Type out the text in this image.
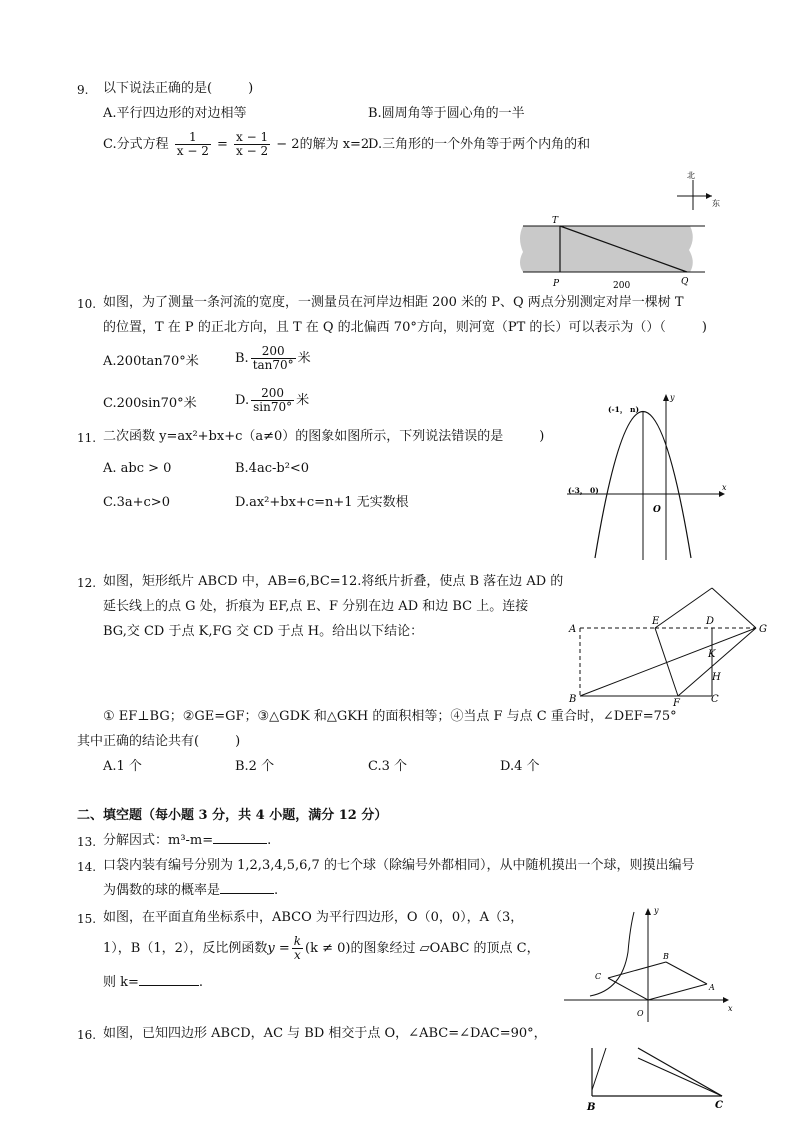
9. 以下说法正确的是(	)
A.平行四边形的对边相等	B.圆周角等于圆心角的一半
C.分式方程 $\frac{1}{x - 2} = \frac{x - 1}{x - 2} - 2$的解为 x=2
D.三角形的一个外角等于两个内角的和
北
东
T
P	Q
200
10. 如图，为了测量一条河流的宽度，一测量员在河岸边相距 200 米的 P、Q 两点分别测定对岸一棵树 T
的位置，T 在 P 的正北方向，且 T 在 Q 的北偏西 70°方向，则河宽（PT 的长）可以表示为（）（	)
A.200tan70°米	B. $\frac{200}{\tan 70^\circ}$ 米
C.200sin70°米	D. $\frac{200}{\sin 70^\circ}$ 米	y
x
O
(-1， n)
(-3， 0)
11. 二次函数 y=ax²+bx+c（a≠0）的图象如图所示，下列说法错误的是	)
A. abc > 0	B.4ac-b²<0
C.3a+c>0	D.ax²+bx+c=n+1 无实数根
A
B	C
D
E
F
G
K
H
12. 如图，矩形纸片 ABCD 中，AB=6,BC=12.将纸片折叠，使点 B 落在边 AD 的
延长线上的点 G 处，折痕为 EF,点 E、F 分别在边 AD 和边 BC 上。连接
BG,交 CD 于点 K,FG 交 CD 于点 H。给出以下结论：
① EF⊥BG；②GE=GF；③△GDK 和△GKH 的面积相等；④当点 F 与点 C 重合时，∠DEF=75°
其中正确的结论共有(	)
A.1 个	B.2 个	C.3 个	D.4 个
二、填空题（每小题 3 分，共 4 小题，满分 12 分）
13. 分解因式：m³-m=	.
14. 口袋内装有编号分别为 1,2,3,4,5,6,7 的七个球（除编号外都相同），从中随机摸出一个球，则摸出编号
为偶数的球的概率是	.
y
x
O
A
B
C
15. 如图，在平面直角坐标系中，ABCO 为平行四边形，O（0，0），A（3，
1），B（1，2），反比例函数$y = \frac{k}{x} (k \ne 0)$的图象经过 ▱OABC 的顶点 C，
则 k=	.
16. 如图，已知四边形 ABCD，AC 与 BD 相交于点 O，∠ABC=∠DAC=90°，
B	C
